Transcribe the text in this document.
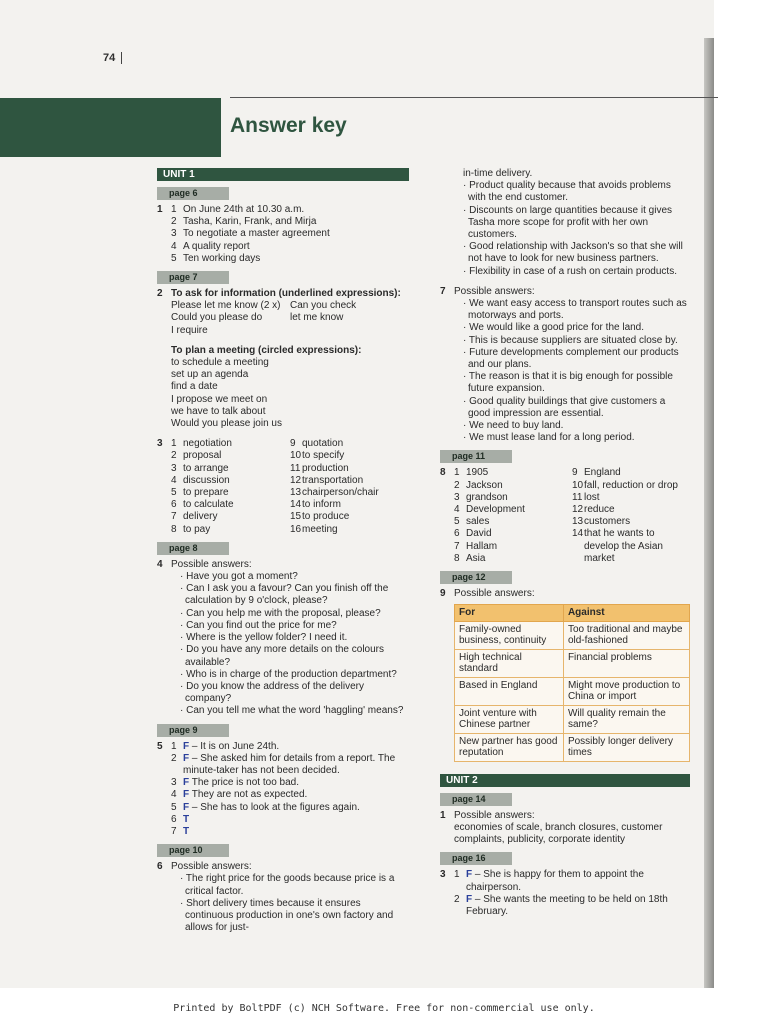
74
Answer key
UNIT 1
page 6
1 1 On June 24th at 10.30 a.m.
2 Tasha, Karin, Frank, and Mirja
3 To negotiate a master agreement
4 A quality report
5 Ten working days
page 7
2 To ask for information (underlined expressions):
Please let me know (2 x)
Could you please do
I require
Can you check
let me know
To plan a meeting (circled expressions):
to schedule a meeting
set up an agenda
find a date
I propose we meet on
we have to talk about
Would you please join us
3 1 negotiation
2 proposal
3 to arrange
4 discussion
5 to prepare
6 to calculate
7 delivery
8 to pay
9 quotation
10 to specify
11 production
12 transportation
13 chairperson/chair
14 to inform
15 to produce
16 meeting
page 8
4 Possible answers:
· Have you got a moment?
· Can I ask you a favour? Can you finish off the calculation by 9 o'clock, please?
· Can you help me with the proposal, please?
· Can you find out the price for me?
· Where is the yellow folder? I need it.
· Do you have any more details on the colours available?
· Who is in charge of the production department?
· Do you know the address of the delivery company?
· Can you tell me what the word 'haggling' means?
page 9
5 1 F – It is on June 24th.
2 F – She asked him for details from a report. The minute-taker has not been decided.
3 F The price is not too bad.
4 F They are not as expected.
5 F – She has to look at the figures again.
6 T
7 T
page 10
6 Possible answers:
· The right price for the goods because price is a critical factor.
· Short delivery times because it ensures continuous production in one's own factory and allows for just-
in-time delivery.
· Product quality because that avoids problems with the end customer.
· Discounts on large quantities because it gives Tasha more scope for profit with her own customers.
· Good relationship with Jackson's so that she will not have to look for new business partners.
· Flexibility in case of a rush on certain products.
7 Possible answers:
· We want easy access to transport routes such as motorways and ports.
· We would like a good price for the land.
· This is because suppliers are situated close by.
· Future developments complement our products and our plans.
· The reason is that it is big enough for possible future expansion.
· Good quality buildings that give customers a good impression are essential.
· We need to buy land.
· We must lease land for a long period.
page 11
8 1 1905
2 Jackson
3 grandson
4 Development
5 sales
6 David
7 Hallam
8 Asia
9 England
10 fall, reduction or drop
11 lost
12 reduce
13 customers
14 that he wants to develop the Asian market
page 12
9 Possible answers:
For	Against
Family-owned business, continuity	Too traditional and maybe old-fashioned
High technical standard	Financial problems
Based in England	Might move production to China or import
Joint venture with Chinese partner	Will quality remain the same?
New partner has good reputation	Possibly longer delivery times
UNIT 2
page 14
1 Possible answers:
economies of scale, branch closures, customer complaints, publicity, corporate identity
page 16
3 1 F – She is happy for them to appoint the chairperson.
2 F – She wants the meeting to be held on 18th February.
Printed by BoltPDF (c) NCH Software. Free for non-commercial use only.
